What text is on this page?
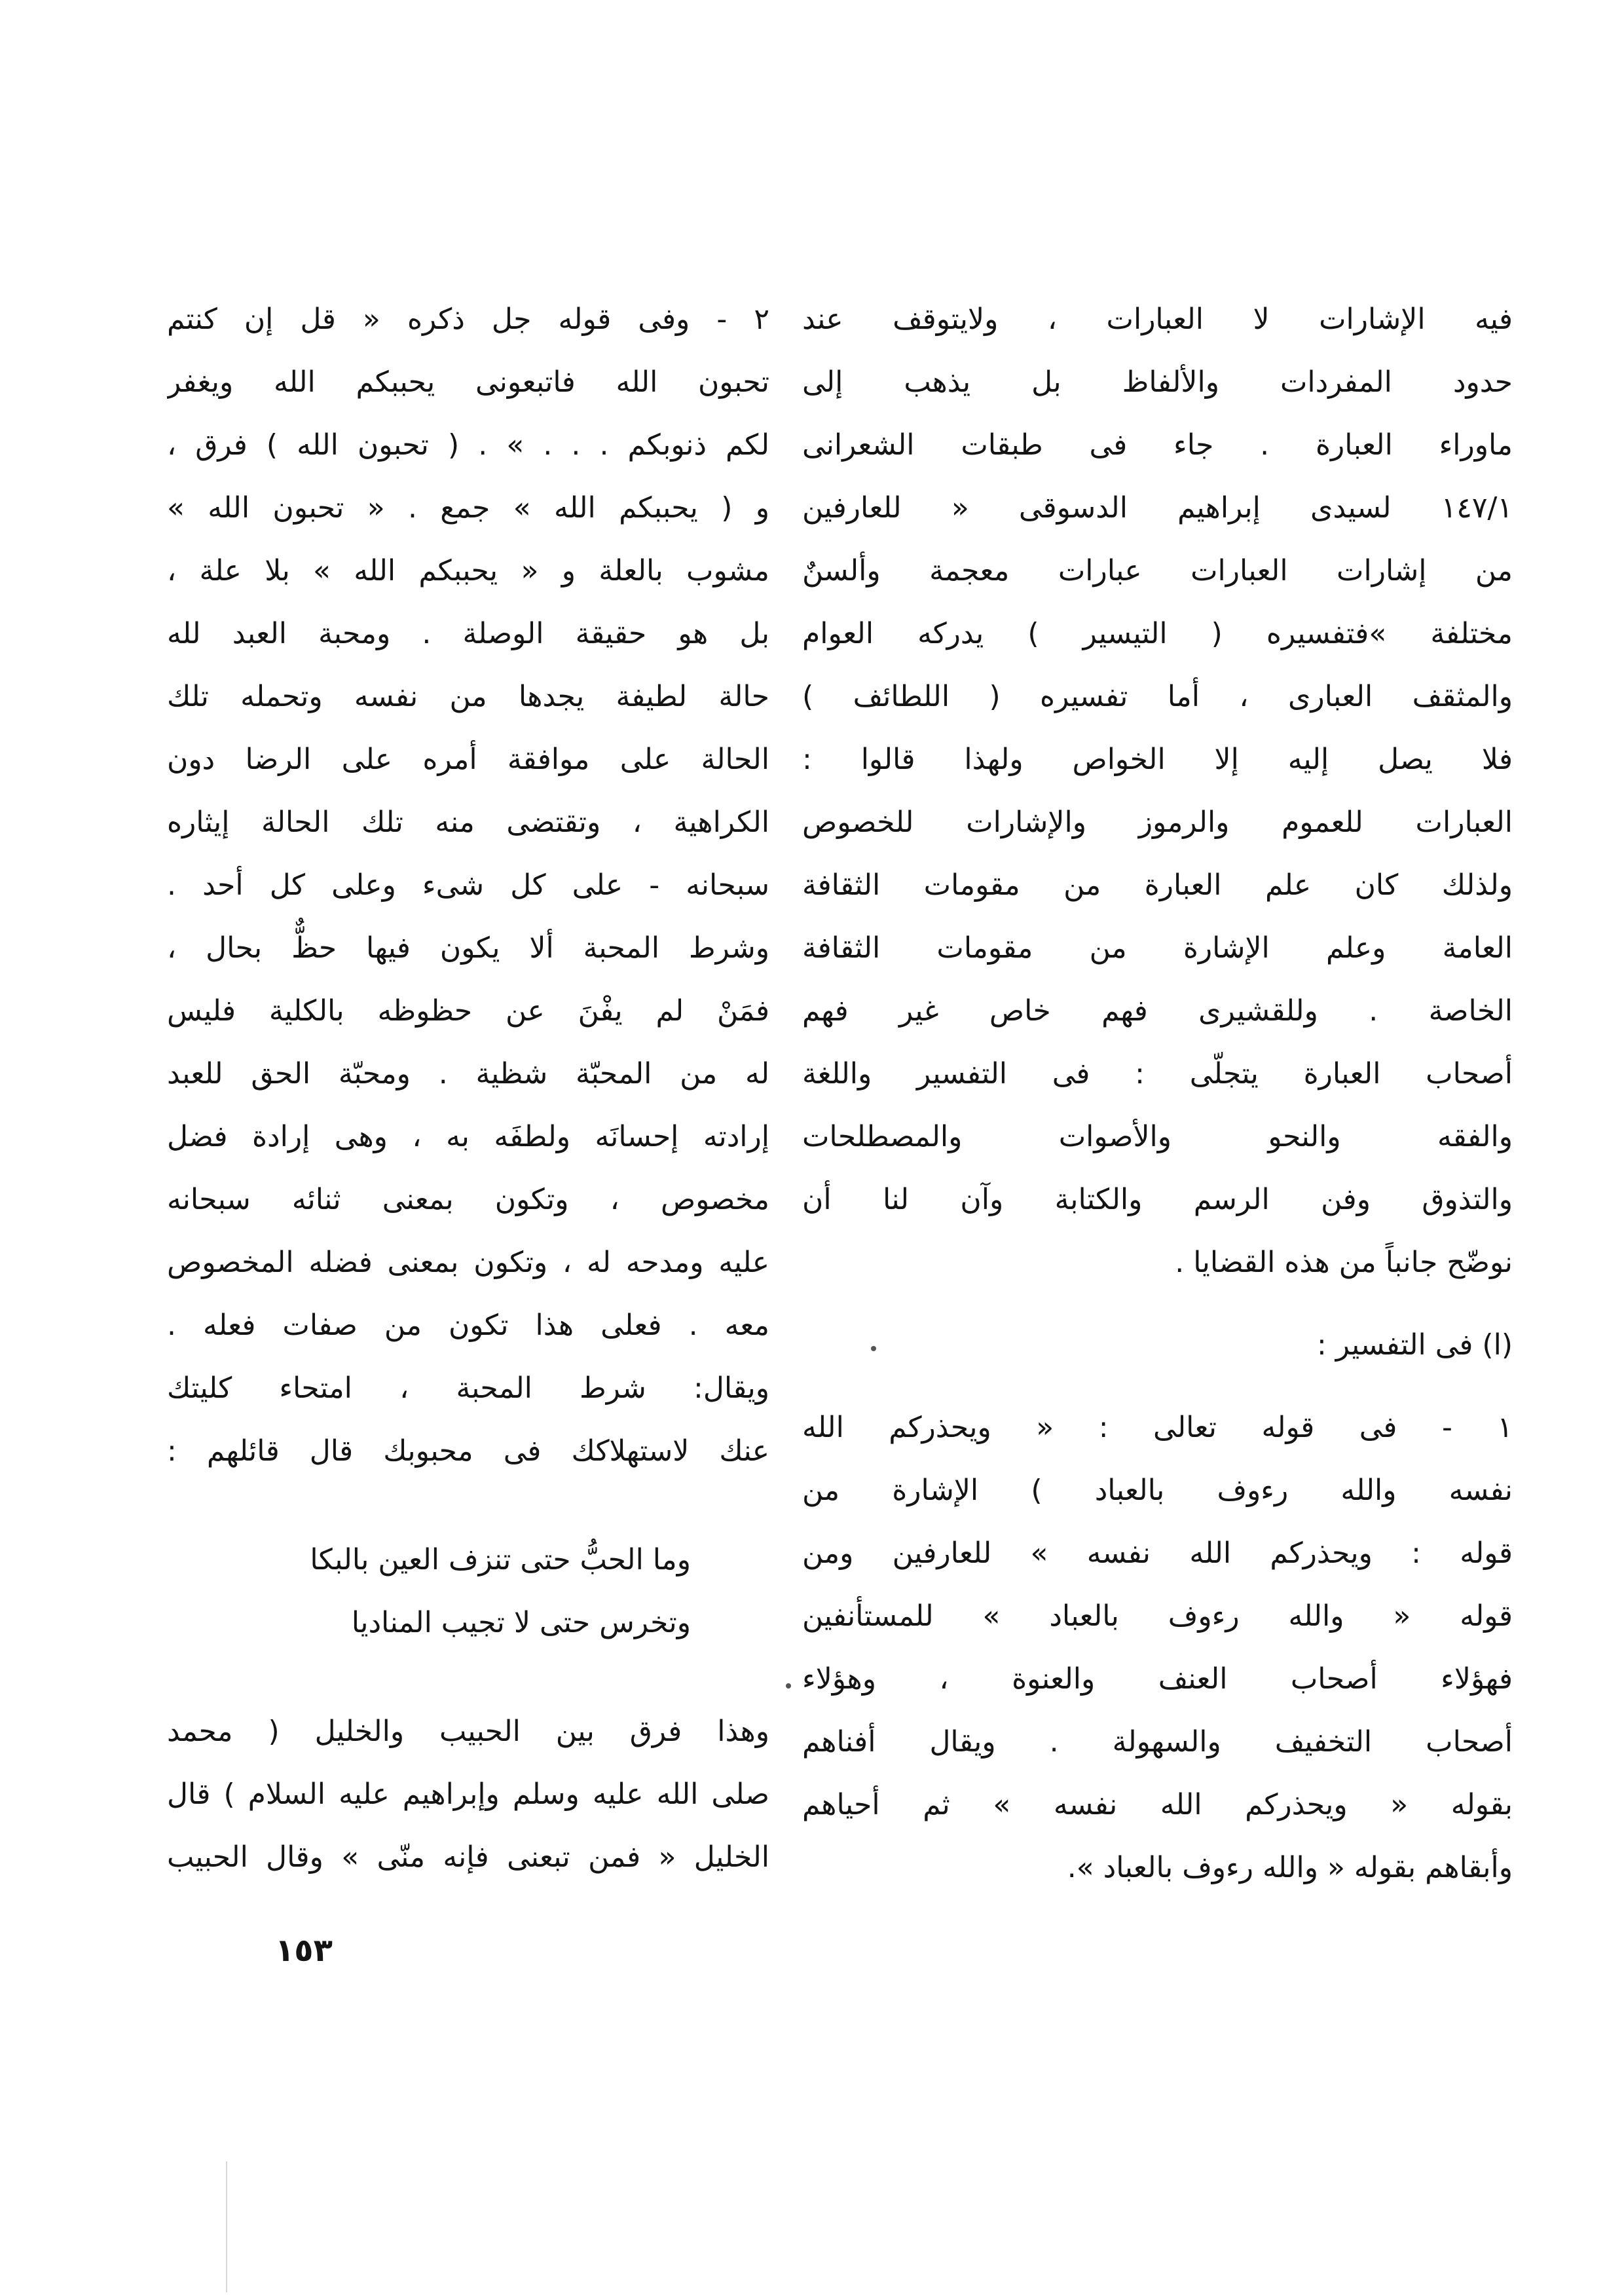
فيه الإشارات لا العبارات ، ولايتوقف عند
حدود المفردات والألفاظ بل يذهب إلى
ماوراء العبارة . جاء فى طبقات الشعرانى
١٤٧/١ لسيدى إبراهيم الدسوقى « للعارفين
من إشارات العبارات عبارات معجمة وألسنٌ
مختلفة »فتفسيره ( التيسير ) يدركه العوام
والمثقف العبارى ، أما تفسيره ( اللطائف )
فلا يصل إليه إلا الخواص ولهذا قالوا :
العبارات للعموم والرموز والإشارات للخصوص
ولذلك كان علم العبارة من مقومات الثقافة
العامة وعلم الإشارة من مقومات الثقافة
الخاصة . وللقشيرى فهم خاص غير فهم
أصحاب العبارة يتجلّى : فى التفسير واللغة
والفقه والنحو والأصوات والمصطلحات
والتذوق وفن الرسم والكتابة وآن لنا أن
نوضّح جانباً من هذه القضايا .
(ا) فى التفسير :
١ - فى قوله تعالى : « ويحذركم الله
نفسه والله رءوف بالعباد ) الإشارة من
قوله : ويحذركم الله نفسه » للعارفين ومن
قوله « والله رءوف بالعباد » للمستأنفين
فهؤلاء أصحاب العنف والعنوة ، وهؤلاء
أصحاب التخفيف والسهولة . ويقال أفناهم
بقوله « ويحذركم الله نفسه » ثم أحياهم
وأبقاهم بقوله « والله رءوف بالعباد ».
٢ - وفى قوله جل ذكره « قل إن كنتم
تحبون الله فاتبعونى يحببكم الله ويغفر
لكم ذنوبكم . . . » . ( تحبون الله ) فرق ،
و ( يحببكم الله » جمع . « تحبون الله »
مشوب بالعلة و « يحببكم الله » بلا علة ،
بل هو حقيقة الوصلة . ومحبة العبد لله
حالة لطيفة يجدها من نفسه وتحمله تلك
الحالة على موافقة أمره على الرضا دون
الكراهية ، وتقتضى منه تلك الحالة إيثاره
سبحانه - على كل شىء وعلى كل أحد .
وشرط المحبة ألا يكون فيها حظٌّ بحال ،
فمَنْ لم يفْنَ عن حظوظه بالكلية فليس
له من المحبّة شظية . ومحبّة الحق للعبد
إرادته إحسانَه ولطفَه به ، وهى إرادة فضل
مخصوص ، وتكون بمعنى ثنائه سبحانه
عليه ومدحه له ، وتكون بمعنى فضله المخصوص
معه . فعلى هذا تكون من صفات فعله .
ويقال: شرط المحبة ، امتحاء كليتك
عنك لاستهلاكك فى محبوبك قال قائلهم :
وما الحبُّ حتى تنزف العين بالبكا
وتخرس حتى لا تجيب المناديا
وهذا فرق بين الحبيب والخليل ( محمد
صلى الله عليه وسلم وإبراهيم عليه السلام ) قال
الخليل « فمن تبعنى فإنه منّى » وقال الحبيب
١٥٣
